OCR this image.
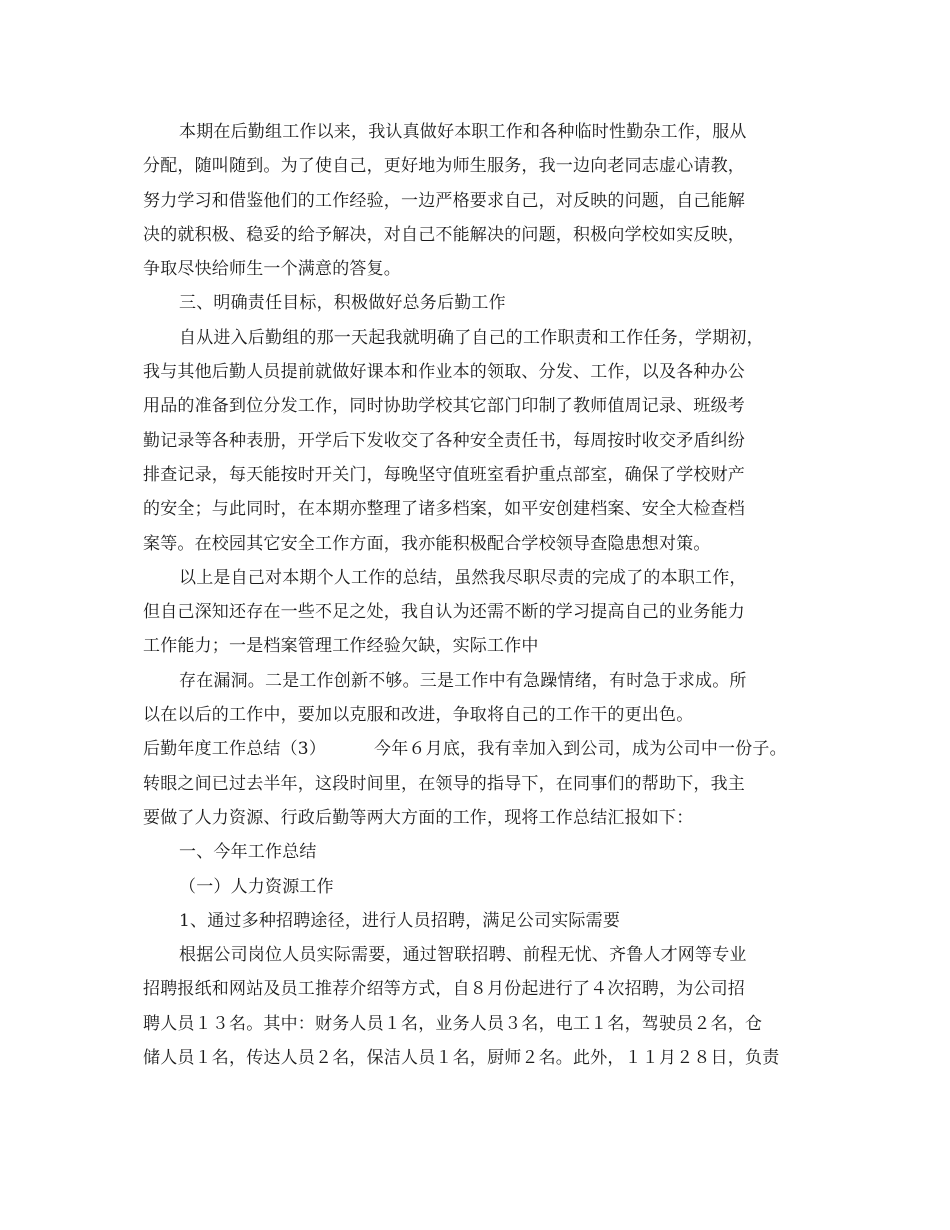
本期在后勤组工作以来，我认真做好本职工作和各种临时性勤杂工作，服从
分配，随叫随到。为了使自己，更好地为师生服务，我一边向老同志虚心请教，
努力学习和借鉴他们的工作经验，一边严格要求自己，对反映的问题，自己能解
决的就积极、稳妥的给予解决，对自己不能解决的问题，积极向学校如实反映，
争取尽快给师生一个满意的答复。
三、明确责任目标，积极做好总务后勤工作
自从进入后勤组的那一天起我就明确了自己的工作职责和工作任务，学期初，
我与其他后勤人员提前就做好课本和作业本的领取、分发、工作，以及各种办公
用品的准备到位分发工作，同时协助学校其它部门印制了教师值周记录、班级考
勤记录等各种表册，开学后下发收交了各种安全责任书，每周按时收交矛盾纠纷
排查记录，每天能按时开关门，每晚坚守值班室看护重点部室，确保了学校财产
的安全；与此同时，在本期亦整理了诸多档案，如平安创建档案、安全大检查档
案等。在校园其它安全工作方面，我亦能积极配合学校领导查隐患想对策。
以上是自己对本期个人工作的总结，虽然我尽职尽责的完成了的本职工作，
但自己深知还存在一些不足之处，我自认为还需不断的学习提高自己的业务能力
工作能力；一是档案管理工作经验欠缺，实际工作中
存在漏洞。二是工作创新不够。三是工作中有急躁情绪，有时急于求成。所
以在以后的工作中，要加以克服和改进，争取将自己的工作干的更出色。
后勤年度工作总结（3）	今年６月底，我有幸加入到公司，成为公司中一份子。
转眼之间已过去半年，这段时间里，在领导的指导下，在同事们的帮助下，我主
要做了人力资源、行政后勤等两大方面的工作，现将工作总结汇报如下：
一、今年工作总结
（一）人力资源工作
1、通过多种招聘途径，进行人员招聘，满足公司实际需要
根据公司岗位人员实际需要，通过智联招聘、前程无忧、齐鲁人才网等专业
招聘报纸和网站及员工推荐介绍等方式，自８月份起进行了４次招聘，为公司招
聘人员１３名。其中：财务人员１名，业务人员３名，电工１名，驾驶员２名，仓
储人员１名，传达人员２名，保洁人员１名，厨师２名。此外，１１月２８日，负责
